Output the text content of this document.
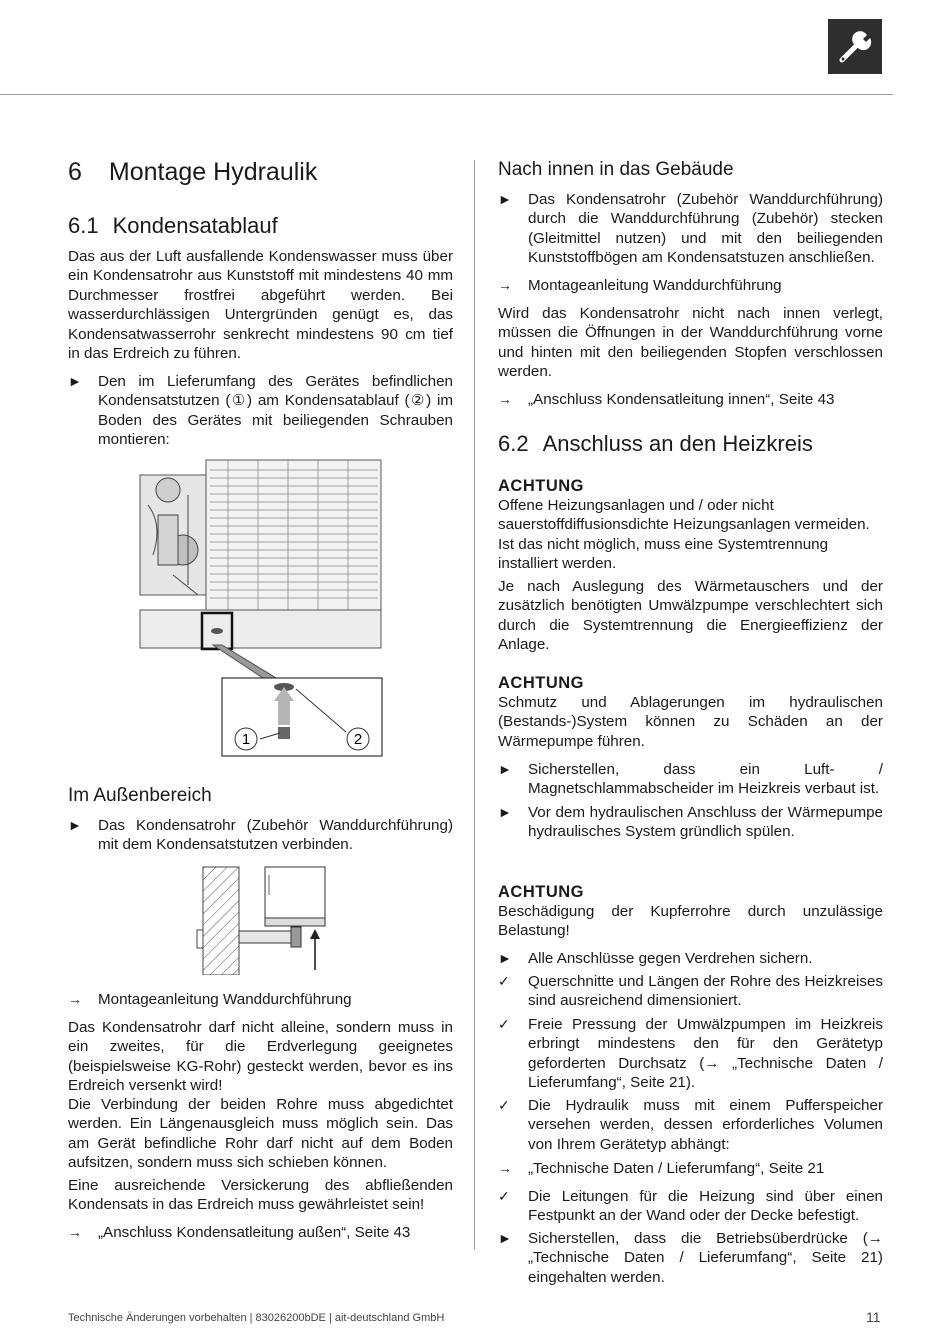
6 Montage Hydraulik
6.1 Kondensatablauf

Das aus der Luft ausfallende Kondenswasser muss über ein Kondensatrohr aus Kunststoff mit mindestens 40 mm Durchmesser frostfrei abgeführt werden. Bei wasserdurchlässigen Untergründen genügt es, das Kondensatwasserrohr senkrecht mindestens 90 cm tief in das Erdreich zu führen.

►	Den im Lieferumfang des Gerätes befindlichen Kondensatstutzen (①) am Kondensatablauf (②) im Boden des Gerätes mit beiliegenden Schrauben montieren:
1	2
Im Außenbereich
►	Das Kondensatrohr (Zubehör Wanddurchführung) mit dem Kondensatstutzen verbinden.
→	Montageanleitung Wanddurchführung

Das Kondensatrohr darf nicht alleine, sondern muss in ein zweites, für die Erdverlegung geeignetes (beispielsweise KG-Rohr) gesteckt werden, bevor es ins Erdreich versenkt wird!

Die Verbindung der beiden Rohre muss abgedichtet werden. Ein Längenausgleich muss möglich sein. Das am Gerät befindliche Rohr darf nicht auf dem Boden aufsitzen, sondern muss sich schieben können.

Eine ausreichende Versickerung des abfließenden Kondensats in das Erdreich muss gewährleistet sein!

→	„Anschluss Kondensatleitung außen“, Seite 43
Nach innen in das Gebäude
►	Das Kondensatrohr (Zubehör Wanddurchführung) durch die Wanddurchführung (Zubehör) stecken (Gleitmittel nutzen) und mit den beiliegenden Kunststoffbögen am Kondensatstuzen anschließen.
→	Montageanleitung Wanddurchführung

Wird das Kondensatrohr nicht nach innen verlegt, müssen die Öffnungen in der Wanddurchführung vorne und hinten mit den beiliegenden Stopfen verschlossen werden.

→	„Anschluss Kondensatleitung innen“, Seite 43
6.2 Anschluss an den Heizkreis
ACHTUNG

Offene Heizungsanlagen und / oder nicht sauerstoffdiffusionsdichte Heizungsanlagen vermeiden.

Ist das nicht möglich, muss eine Systemtrennung installiert werden.

Je nach Auslegung des Wärmetauschers und der zusätzlich benötigten Umwälzpumpe verschlechtert sich durch die Systemtrennung die Energieeffizienz der Anlage.

ACHTUNG

Schmutz und Ablagerungen im hydraulischen (Bestands-)System können zu Schäden an der Wärmepumpe führen.

►	Sicherstellen, dass ein Luft- / Magnetschlammabscheider im Heizkreis verbaut ist.
►	Vor dem hydraulischen Anschluss der Wärmepumpe hydraulisches System gründlich spülen.
ACHTUNG

Beschädigung der Kupferrohre durch unzulässige Belastung!

►	Alle Anschlüsse gegen Verdrehen sichern.
✓	Querschnitte und Längen der Rohre des Heizkreises sind ausreichend dimensioniert.
✓	Freie Pressung der Umwälzpumpen im Heizkreis erbringt mindestens den für den Gerätetyp geforderten Durchsatz (→ „Technische Daten / Lieferumfang“, Seite 21).
✓	Die Hydraulik muss mit einem Pufferspeicher versehen werden, dessen erforderliches Volumen von Ihrem Gerätetyp abhängt:
→	„Technische Daten / Lieferumfang“, Seite 21
✓	Die Leitungen für die Heizung sind über einen Festpunkt an der Wand oder der Decke befestigt.
►	Sicherstellen, dass die Betriebsüberdrücke (→ „Technische Daten / Lieferumfang“, Seite 21) eingehalten werden.
Technische Änderungen vorbehalten | 83026200bDE | ait-deutschland GmbH	11
